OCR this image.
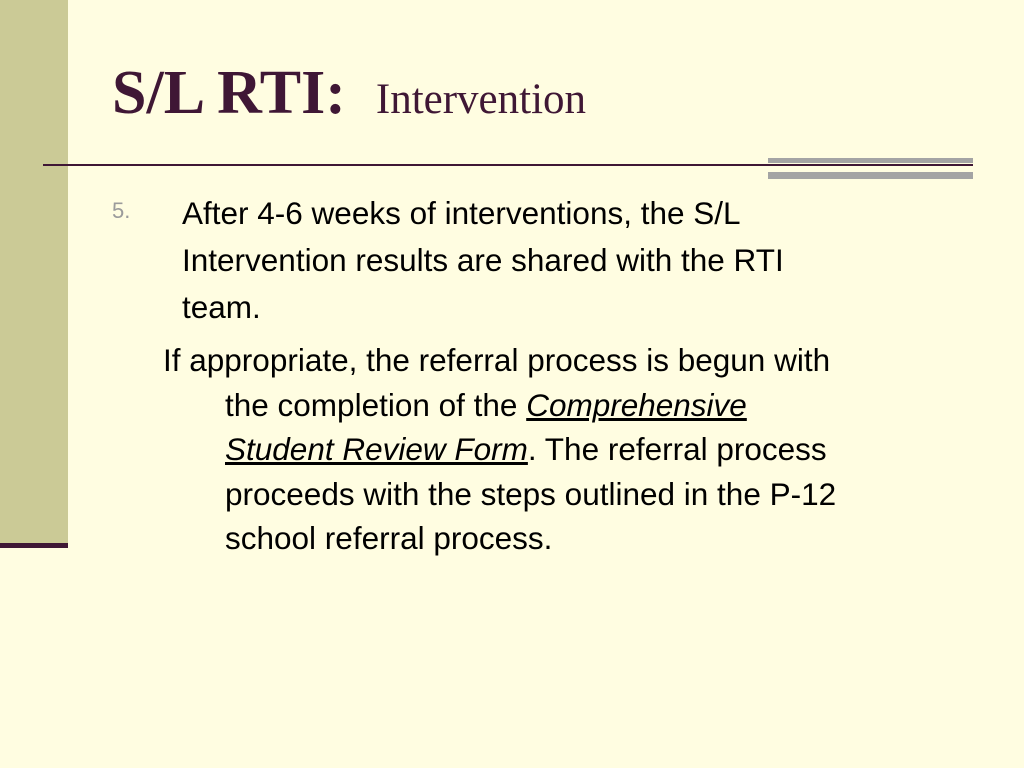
S/L RTI: Intervention
5. After 4-6 weeks of interventions, the S/L
Intervention results are shared with the RTI
team.
If appropriate, the referral process is begun with
the completion of the Comprehensive
Student Review Form. The referral process
proceeds with the steps outlined in the P-12
school referral process.
